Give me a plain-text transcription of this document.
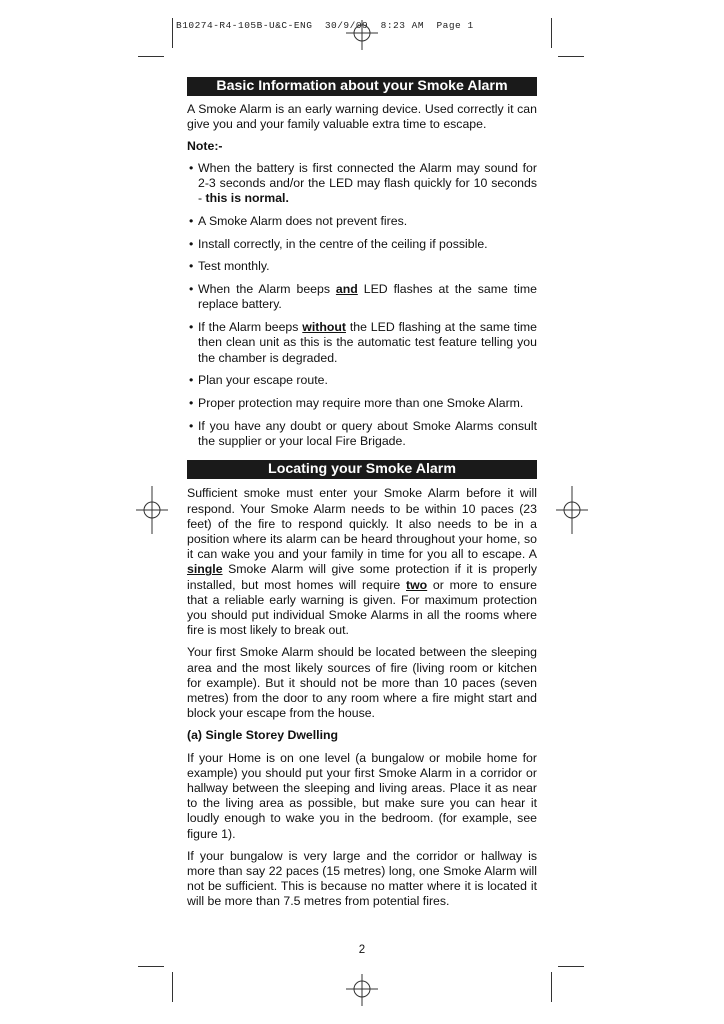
B10274-R4-105B-U&C-ENG  30/9/09  8:23 AM  Page 1
Basic Information about your Smoke Alarm

A Smoke Alarm is an early warning device. Used correctly it can give you and your family valuable extra time to escape.

Note:-
• When the battery is first connected the Alarm may sound for 2-3 seconds and/or the LED may flash quickly for 10 seconds - this is normal.
• A Smoke Alarm does not prevent fires.
• Install correctly, in the centre of the ceiling if possible.
• Test monthly.
• When the Alarm beeps and LED flashes at the same time replace battery.
• If the Alarm beeps without the LED flashing at the same time then clean unit as this is the automatic test feature telling you the chamber is degraded.
• Plan your escape route.
• Proper protection may require more than one Smoke Alarm.
• If you have any doubt or query about Smoke Alarms consult the supplier or your local Fire Brigade.
Locating your Smoke Alarm

Sufficient smoke must enter your Smoke Alarm before it will respond. Your Smoke Alarm needs to be within 10 paces (23 feet) of the fire to respond quickly. It also needs to be in a position where its alarm can be heard throughout your home, so it can wake you and your family in time for you all to escape. A single Smoke Alarm will give some protection if it is properly installed, but most homes will require two or more to ensure that a reliable early warning is given. For maximum protection you should put individual Smoke Alarms in all the rooms where fire is most likely to break out.

Your first Smoke Alarm should be located between the sleeping area and the most likely sources of fire (living room or kitchen for example). But it should not be more than 10 paces (seven metres) from the door to any room where a fire might start and block your escape from the house.

(a) Single Storey Dwelling

If your Home is on one level (a bungalow or mobile home for example) you should put your first Smoke Alarm in a corridor or hallway between the sleeping and living areas. Place it as near to the living area as possible, but make sure you can hear it loudly enough to wake you in the bedroom. (for example, see figure 1).

If your bungalow is very large and the corridor or hallway is more than say 22 paces (15 metres) long, one Smoke Alarm will not be sufficient. This is because no matter where it is located it will be more than 7.5 metres from potential fires.

2
